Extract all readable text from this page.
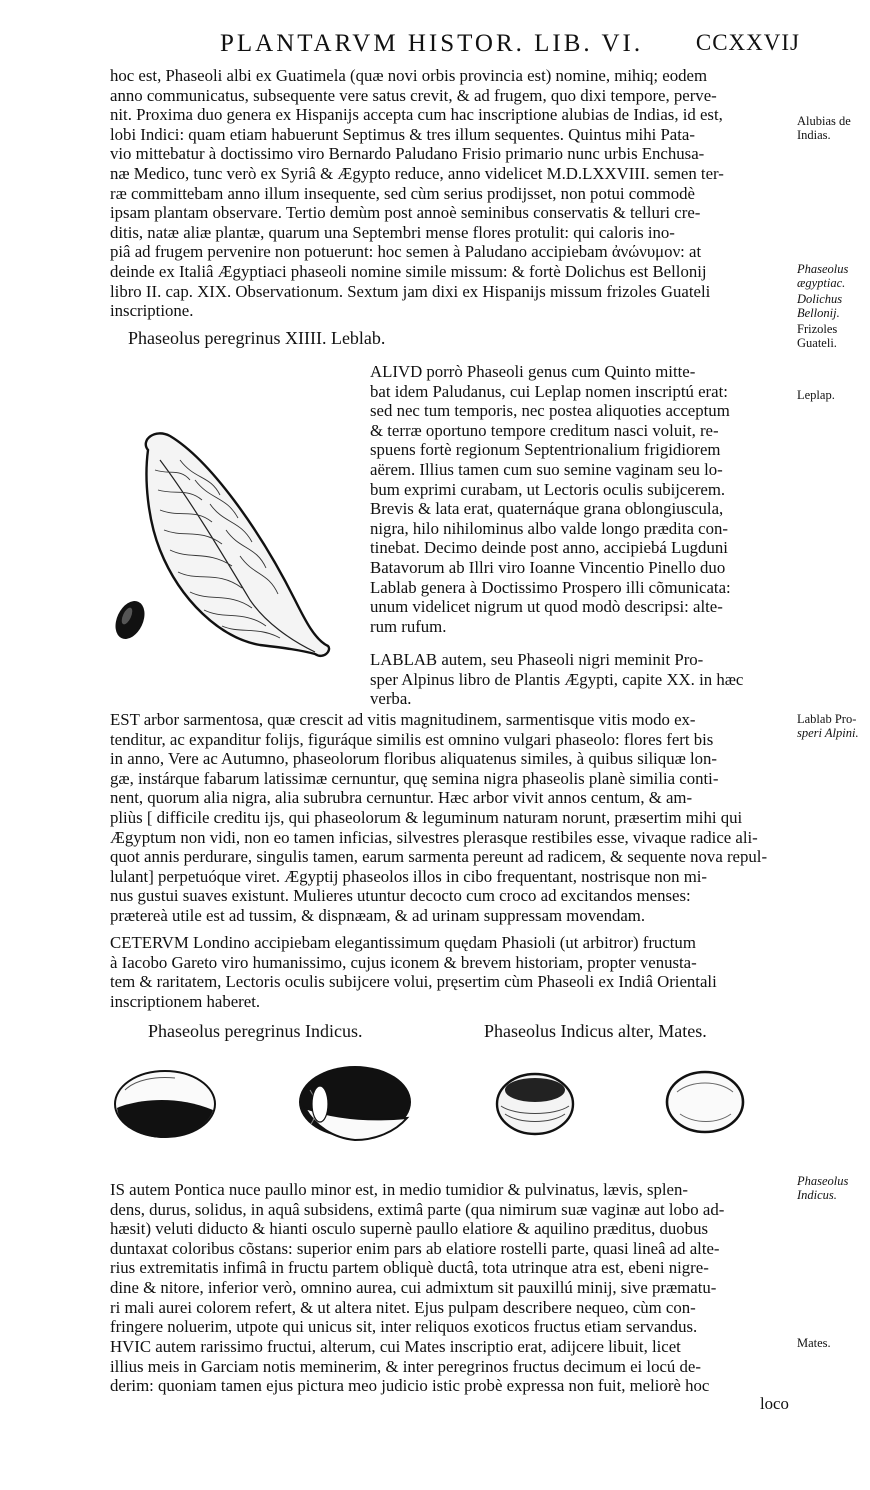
PLANTARVM HISTOR. LIB. VI. CCXXVIJ
hoc est, Phaseoli albi ex Guatimela (quæ novi orbis provincia est) nomine, mihiq; eodem
anno communicatus, subsequente vere satus crevit, & ad frugem, quo dixi tempore, perve-
nit. Proxima duo genera ex Hispanijs accepta cum hac inscriptione alubias de Indias, id est,
lobi Indici: quam etiam habuerunt Septimus & tres illum sequentes. Quintus mihi Pata-
vio mittebatur à doctissimo viro Bernardo Paludano Frisio primario nunc urbis Enchusa-
næ Medico, tunc verò ex Syriâ & Ægypto reduce, anno videlicet M.D.LXXVIII. semen ter-
ræ committebam anno illum insequente, sed cùm serius prodijsset, non potui commodè
ipsam plantam observare. Tertio demùm post annoè seminibus conservatis & telluri cre-
ditis, natæ aliæ plantæ, quarum una Septembri mense flores protulit: qui caloris ino-
piâ ad frugem pervenire non potuerunt: hoc semen à Paludano accipiebam ἀνώνυμον: at
deinde ex Italiâ Ægyptiaci phaseoli nomine simile missum: & fortè Dolichus est Bellonij
libro II. cap. XIX. Observationum. Sextum jam dixi ex Hispanijs missum frizoles Guateli
inscriptione.
Phaseolus peregrinus XIIII. Leblab.
ALIVD porrò Phaseoli genus cum Quinto mitte-
bat idem Paludanus, cui Leplap nomen inscriptú erat:
sed nec tum temporis, nec postea aliquoties acceptum
& terræ oportuno tempore creditum nasci voluit, re-
spuens fortè regionum Septentrionalium frigidiorem
aërem. Illius tamen cum suo semine vaginam seu lo-
bum exprimi curabam, ut Lectoris oculis subijcerem.
Brevis & lata erat, quaternáque grana oblongiuscula,
nigra, hilo nihilominus albo valde longo prædita con-
tinebat. Decimo deinde post anno, accipiebá Lugduni
Batavorum ab Illri viro Ioanne Vincentio Pinello duo
Lablab genera à Doctissimo Prospero illi cõmunicata:
unum videlicet nigrum ut quod modò descripsi: alte-
rum rufum.
LABLAB autem, seu Phaseoli nigri meminit Pro-
sper Alpinus libro de Plantis Ægypti, capite XX. in hæc
verba.
EST arbor sarmentosa, quæ crescit ad vitis magnitudinem, sarmentisque vitis modo ex-
tenditur, ac expanditur folijs, figuráque similis est omnino vulgari phaseolo: flores fert bis
in anno, Vere ac Autumno, phaseolorum floribus aliquatenus similes, à quibus siliquæ lon-
gæ, instárque fabarum latissimæ cernuntur, quę semina nigra phaseolis planè similia conti-
nent, quorum alia nigra, alia subrubra cernuntur. Hæc arbor vivit annos centum, & am-
pliùs [ difficile creditu ijs, qui phaseolorum & leguminum naturam norunt, præsertim mihi qui
Ægyptum non vidi, non eo tamen inficias, silvestres plerasque restibiles esse, vivaque radice ali-
quot annis perdurare, singulis tamen, earum sarmenta pereunt ad radicem, & sequente nova repul-
lulant] perpetuóque viret. Ægyptij phaseolos illos in cibo frequentant, nostrisque non mi-
nus gustui suaves existunt. Mulieres utuntur decocto cum croco ad excitandos menses:
prætereà utile est ad tussim, & dispnæam, & ad urinam suppressam movendam.
CETERVM Londino accipiebam elegantissimum quędam Phasioli (ut arbitror) fructum
à Iacobo Gareto viro humanissimo, cujus iconem & brevem historiam, propter venusta-
tem & raritatem, Lectoris oculis subijcere volui, pręsertim cùm Phaseoli ex Indiâ Orientali
inscriptionem haberet.
Phaseolus peregrinus Indicus.	Phaseolus Indicus alter, Mates.
IS autem Pontica nuce paullo minor est, in medio tumidior & pulvinatus, lævis, splen-
dens, durus, solidus, in aquâ subsidens, extimâ parte (qua nimirum suæ vaginæ aut lobo ad-
hæsit) veluti diducto & hianti osculo supernè paullo elatiore & aquilino præditus, duobus
duntaxat coloribus cõstans: superior enim pars ab elatiore rostelli parte, quasi lineâ ad alte-
rius extremitatis infimâ in fructu partem obliquè ductâ, tota utrinque atra est, ebeni nigre-
dine & nitore, inferior verò, omnino aurea, cui admixtum sit pauxillú minij, sive præmatu-
ri mali aurei colorem refert, & ut altera nitet. Ejus pulpam describere nequeo, cùm con-
fringere noluerim, utpote qui unicus sit, inter reliquos exoticos fructus etiam servandus.
HVIC autem rarissimo fructui, alterum, cui Mates inscriptio erat, adijcere libuit, licet
illius meis in Garciam notis meminerim, & inter peregrinos fructus decimum ei locú de-
derim: quoniam tamen ejus pictura meo judicio istic probè expressa non fuit, meliorè hoc
loco
Alubias de
Indias.
Phaseolus
ægyptiac.
Dolichus
Bellonij.
Frizoles
Guateli.
Leplap.
Lablab Pro-
speri Alpini.
Phaseolus
Indicus.
Mates.
